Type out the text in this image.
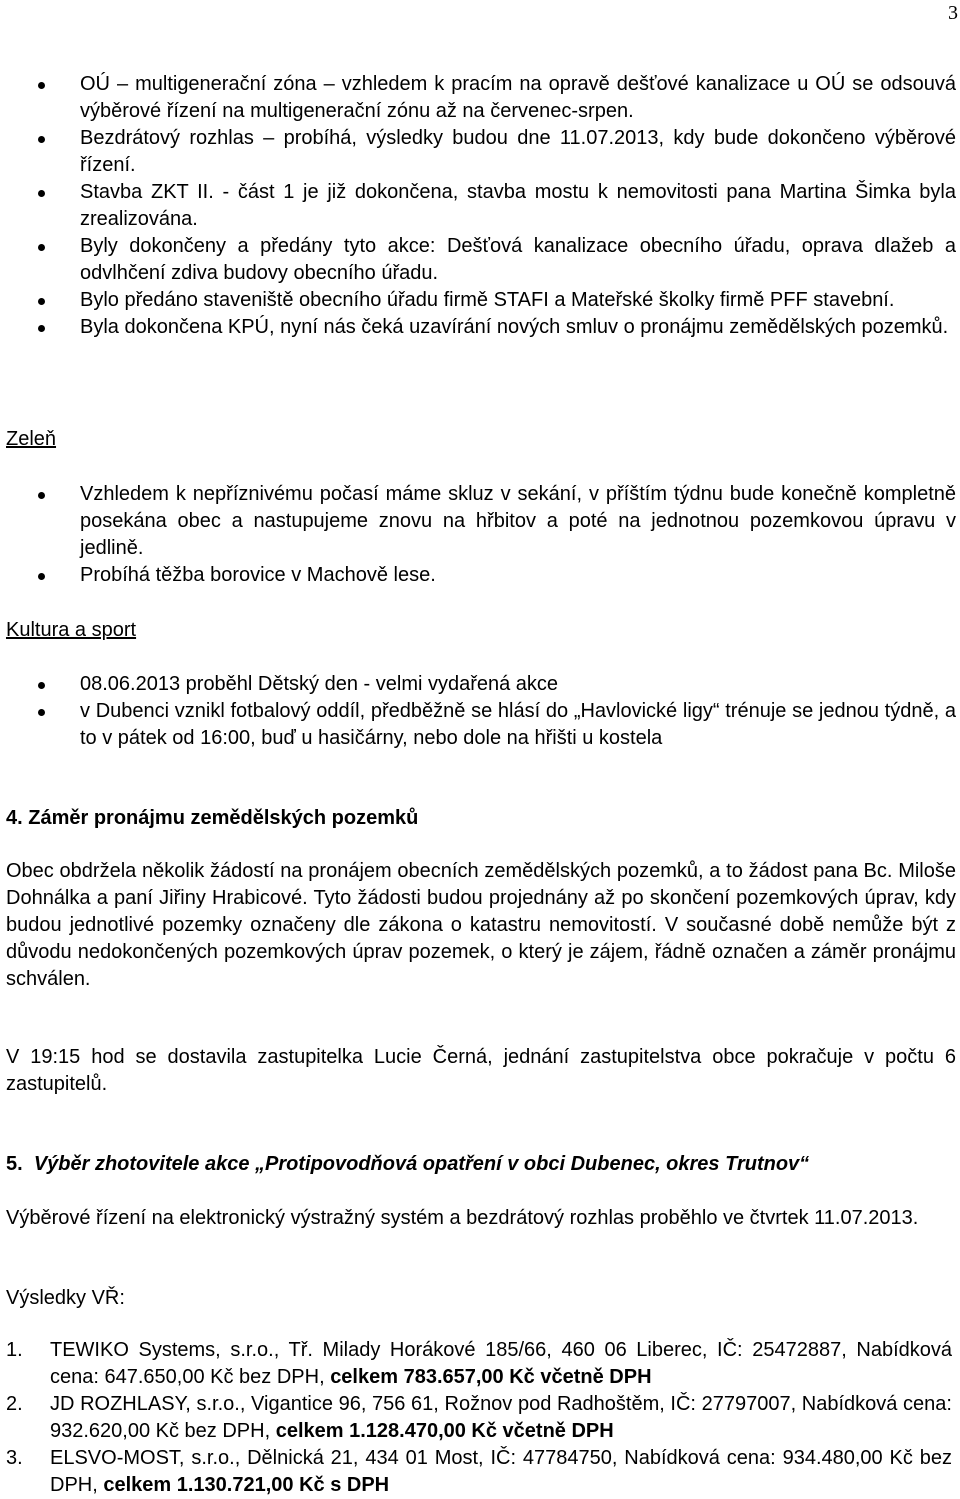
3
OÚ – multigenerační zóna – vzhledem k pracím na opravě dešťové kanalizace u OÚ se odsouvá výběrové řízení na multigenerační zónu až na červenec-srpen.
Bezdrátový rozhlas – probíhá, výsledky budou dne 11.07.2013, kdy bude dokončeno výběrové řízení.
Stavba ZKT II. - část 1 je již dokončena, stavba mostu k nemovitosti pana Martina Šimka byla zrealizována.
Byly dokončeny a předány tyto akce: Dešťová kanalizace obecního úřadu, oprava dlažeb a odvlhčení zdiva budovy obecního úřadu.
Bylo předáno staveniště obecního úřadu firmě STAFI a Mateřské školky firmě PFF stavební.
Byla dokončena KPÚ, nyní nás čeká uzavírání nových smluv o pronájmu zemědělských pozemků.
Zeleň
Vzhledem k nepříznivému počasí máme skluz v sekání, v příštím týdnu bude konečně kompletně posekána obec a nastupujeme znovu na hřbitov a poté na jednotnou pozemkovou úpravu v jedlině.
Probíhá těžba borovice v Machově lese.
Kultura a sport
08.06.2013 proběhl Dětský den - velmi vydařená akce
v Dubenci vznikl fotbalový oddíl, předběžně se hlásí do „Havlovické ligy“ trénuje se jednou týdně, a to v pátek od 16:00, buď u hasičárny, nebo dole na hřišti u kostela
4. Záměr pronájmu zemědělských pozemků
Obec obdržela několik žádostí na pronájem obecních zemědělských pozemků, a to žádost pana Bc. Miloše Dohnálka a paní Jiřiny Hrabicové. Tyto žádosti budou projednány až po skončení pozemkových úprav, kdy budou jednotlivé pozemky označeny dle zákona o katastru nemovitostí. V současné době nemůže být z důvodu nedokončených pozemkových úprav pozemek, o který je zájem, řádně označen a záměr pronájmu schválen.
V 19:15 hod se dostavila zastupitelka Lucie Černá, jednání zastupitelstva obce pokračuje v počtu 6 zastupitelů.
5. Výběr zhotovitele akce „Protipovodňová opatření v obci Dubenec, okres Trutnov“
Výběrové řízení na elektronický výstražný systém a bezdrátový rozhlas proběhlo ve čtvrtek 11.07.2013.
Výsledky VŘ:
1. TEWIKO Systems, s.r.o., Tř. Milady Horákové 185/66, 460 06 Liberec, IČ: 25472887, Nabídková cena: 647.650,00 Kč bez DPH, celkem 783.657,00 Kč včetně DPH
2. JD ROZHLASY, s.r.o., Vigantice 96, 756 61, Rožnov pod Radhoštěm, IČ: 27797007, Nabídková cena: 932.620,00 Kč bez DPH, celkem 1.128.470,00 Kč včetně DPH
3. ELSVO-MOST, s.r.o., Dělnická 21, 434 01 Most, IČ: 47784750, Nabídková cena: 934.480,00 Kč bez DPH, celkem 1.130.721,00 Kč s DPH
